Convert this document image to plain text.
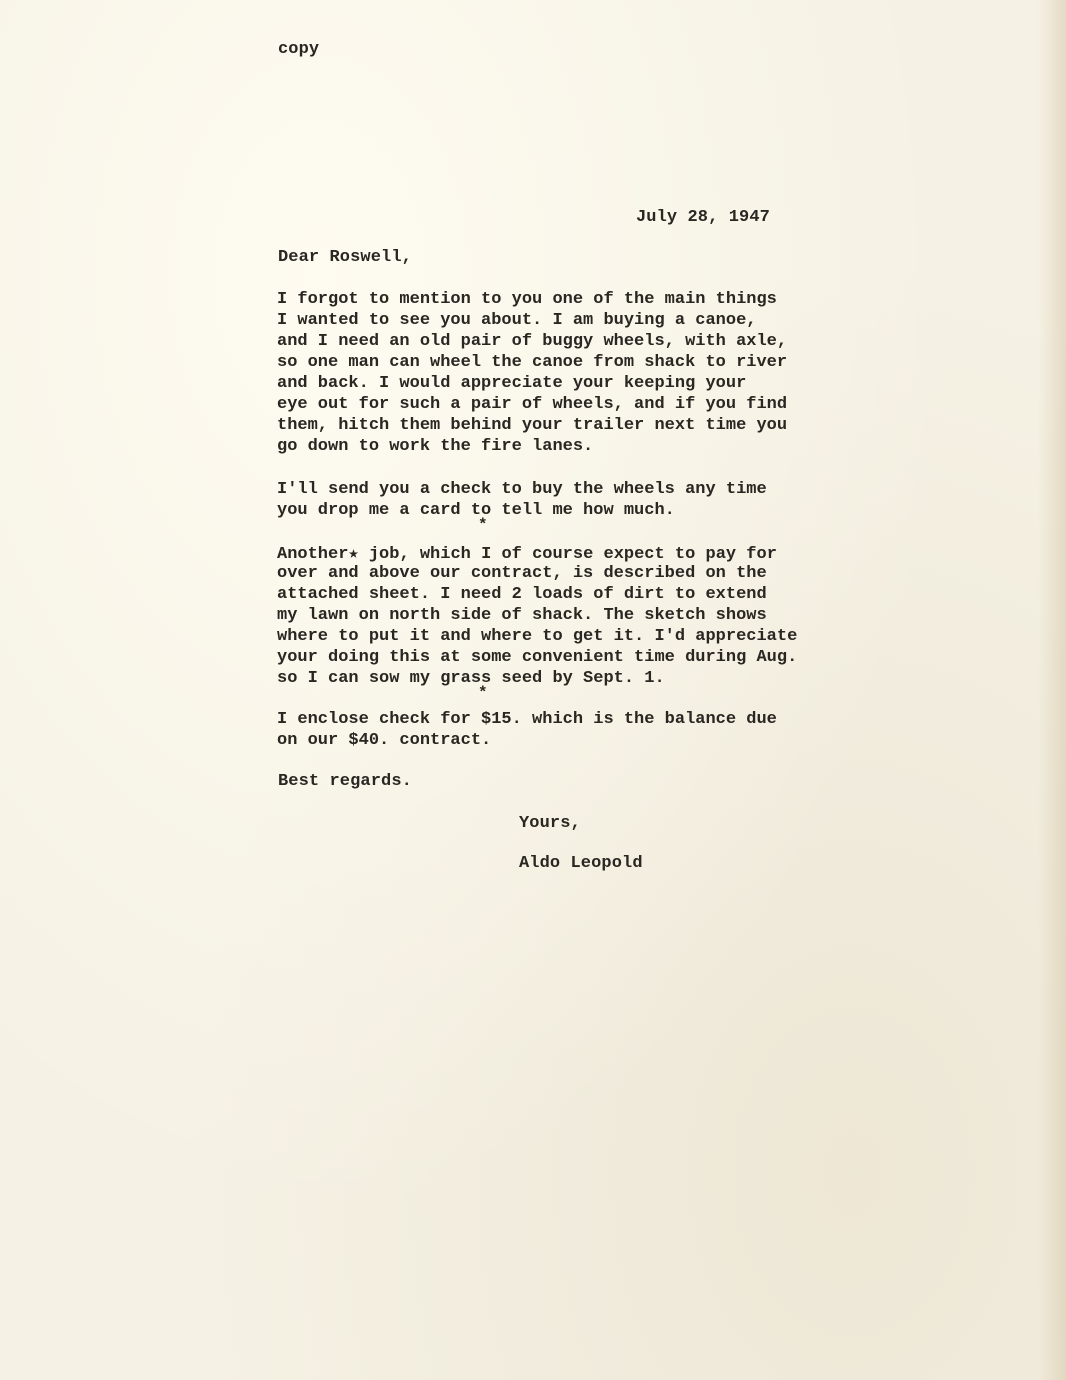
copy
July 28, 1947
Dear Roswell,
I forgot to mention to you one of the main things
I wanted to see you about. I am buying a canoe,
and I need an old pair of buggy wheels, with axle,
so one man can wheel the canoe from shack to river
and back. I would appreciate your keeping your
eye out for such a pair of wheels, and if you find
them, hitch them behind your trailer next time you
go down to work the fire lanes.
I'll send you a check to buy the wheels any time
you drop me a card to tell me how much.
*
Another★ job, which I of course expect to pay for
over and above our contract, is described on the
attached sheet. I need 2 loads of dirt to extend
my lawn on north side of shack. The sketch shows
where to put it and where to get it. I'd appreciate
your doing this at some convenient time during Aug.
so I can sow my grass seed by Sept. 1.
*
I enclose check for $15. which is the balance due
on our $40. contract.
Best regards.
Yours,
Aldo Leopold
